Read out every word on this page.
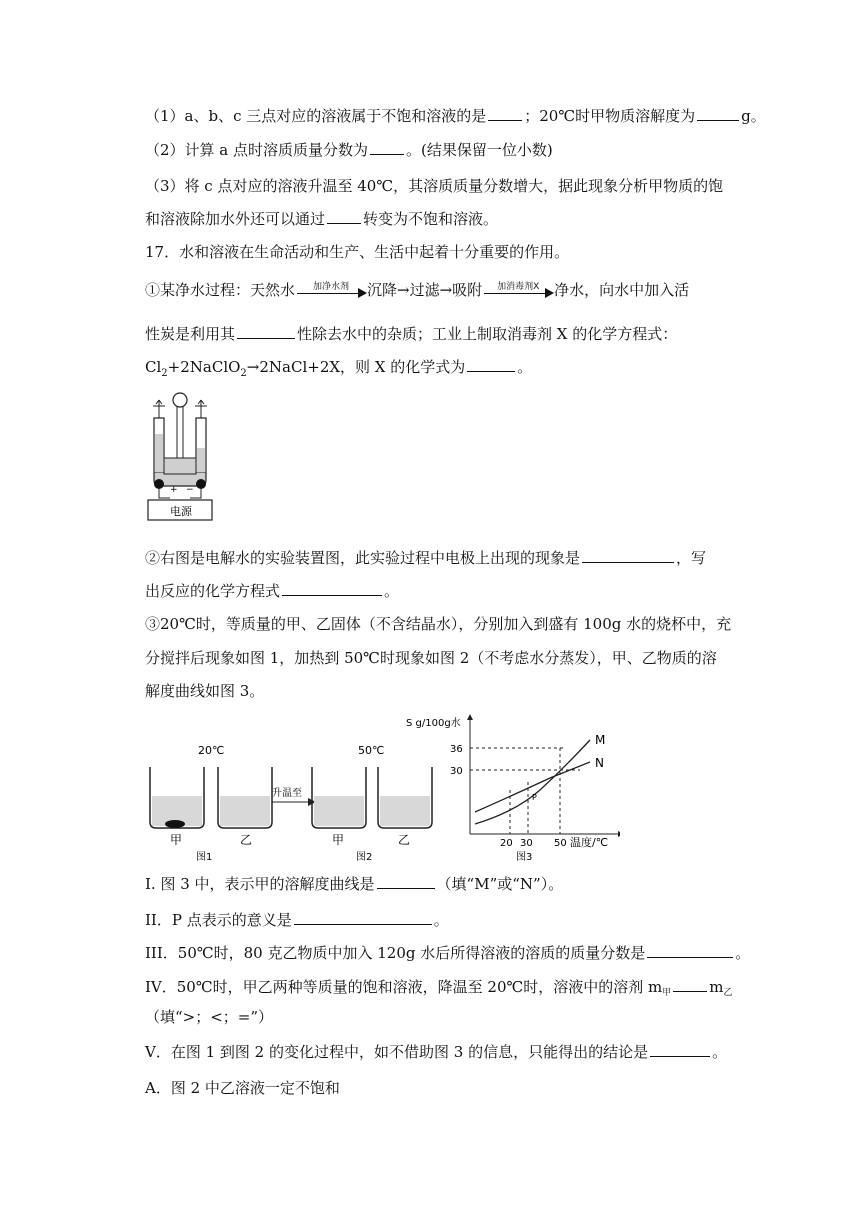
（1）a、b、c 三点对应的溶液属于不饱和溶液的是	；20℃时甲物质溶解度为	g。
（2）计算 a 点时溶质质量分数为	。(结果保留一位小数)
（3）将 c 点对应的溶液升温至 40℃，其溶质质量分数增大，据此现象分析甲物质的饱
和溶液除加水外还可以通过	转变为不饱和溶液。
17．水和溶液在生命活动和生产、生活中起着十分重要的作用。
①某净水过程：天然水	加净水剂	沉降→过滤→吸附	加消毒剂X 净水，向水中加入活
性炭是利用其	性除去水中的杂质；工业上制取消毒剂 X 的化学方程式：
$Cl_2+2NaClO_2\to 2NaCl+2X$，则 X 的化学式为	。
+ −
电源
②右图是电解水的实验装置图，此实验过程中电极上出现的现象是	，写
出反应的化学方程式	。
③20℃时，等质量的甲、乙固体（不含结晶水），分别加入到盛有 100g 水的烧杯中，充
分搅拌后现象如图 1，加热到 50℃时现象如图 2（不考虑水分蒸发），甲、乙物质的溶
解度曲线如图 3。
20℃
甲	乙
图1
升温至
50℃
甲	乙
图2
S g/100g水
36
30
M
N
P
20 30 50 温度/℃
图3
I. 图 3 中，表示甲的溶解度曲线是	（填“M”或“N”）。
II．P 点表示的意义是	。
III．50℃时，80 克乙物质中加入 120g 水后所得溶液的溶质的质量分数是	。
IV．50℃时，甲乙两种等质量的饱和溶液，降温至 20℃时，溶液中的溶剂 $m_甲$	$m_乙$
（填“>；<；=”）
V．在图 1 到图 2 的变化过程中，如不借助图 3 的信息，只能得出的结论是	。
A．图 2 中乙溶液一定不饱和
